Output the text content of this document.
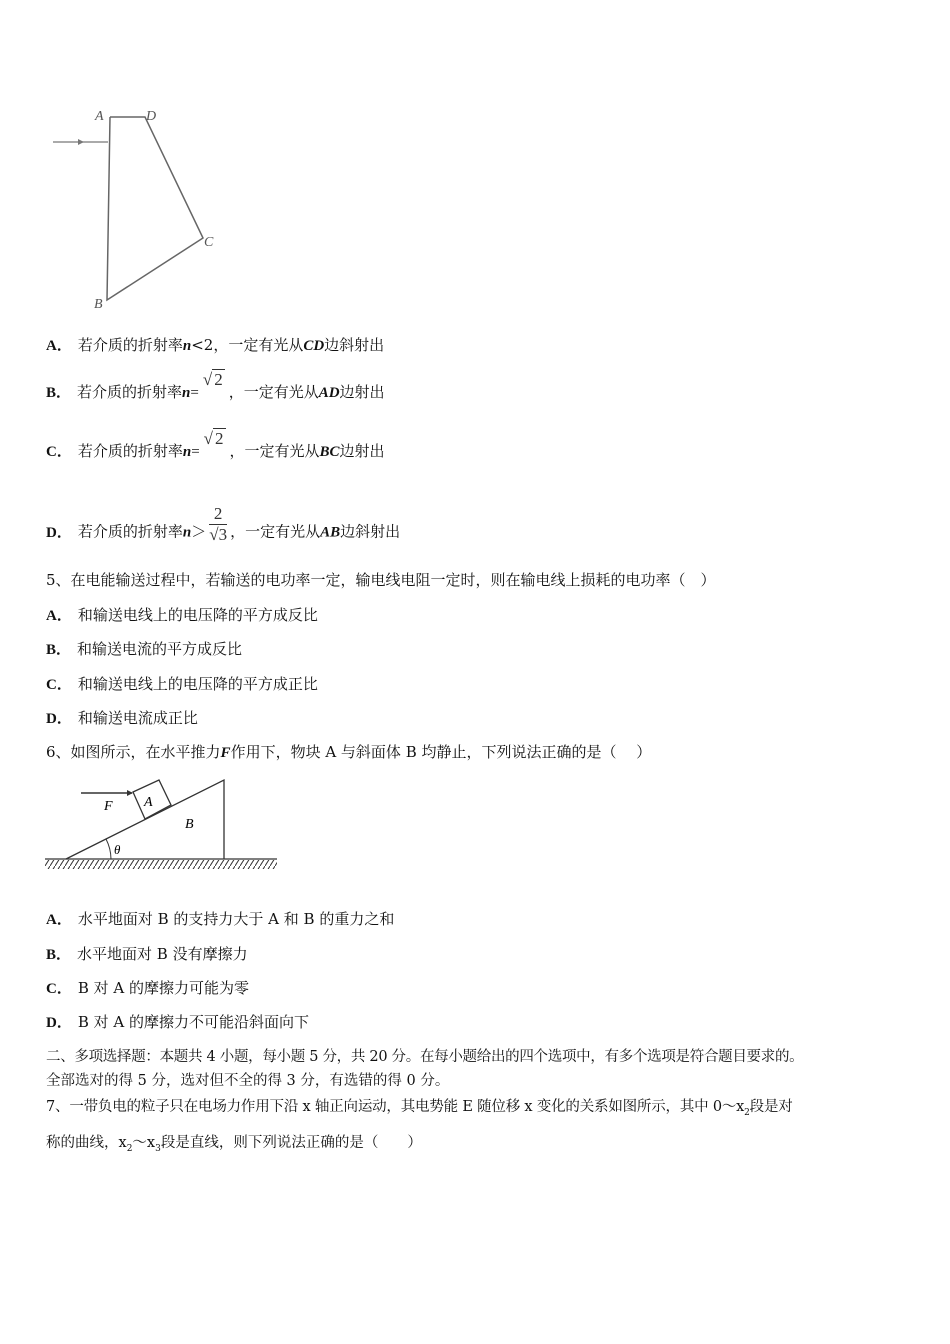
A	D
C
B
A． 若介质的折射率n<2，一定有光从CD边斜射出
B． 若介质的折射率n=√ 2，一定有光从AD边射出
C． 若介质的折射率n=√ 2，一定有光从BC边射出
D． 若介质的折射率$n> \frac{2}{√3}$ ，一定有光从AB边斜射出
5、在电能输送过程中，若输送的电功率一定，输电线电阻一定时，则在输电线上损耗的电功率（　）
A． 和输送电线上的电压降的平方成反比
B． 和输送电流的平方成反比
C． 和输送电线上的电压降的平方成正比
D． 和输送电流成正比
6、如图所示，在水平推力F作用下，物块 A 与斜面体 B 均静止，下列说法正确的是（　 ）
F A
B
θ
A． 水平地面对 B 的支持力大于 A 和 B 的重力之和
B． 水平地面对 B 没有摩擦力
C． B 对 A 的摩擦力可能为零
D． B 对 A 的摩擦力不可能沿斜面向下
二、多项选择题：本题共 4 小题，每小题 5 分，共 20 分。在每小题给出的四个选项中，有多个选项是符合题目要求的。
全部选对的得 5 分，选对但不全的得 3 分，有选错的得 0 分。
7、一带负电的粒子只在电场力作用下沿 x 轴正向运动，其电势能 E 随位移 x 变化的关系如图所示，其中 $0\sim x_2$段是对
称的曲线，$x_2\sim x_3$段是直线，则下列说法正确的是（　　）
